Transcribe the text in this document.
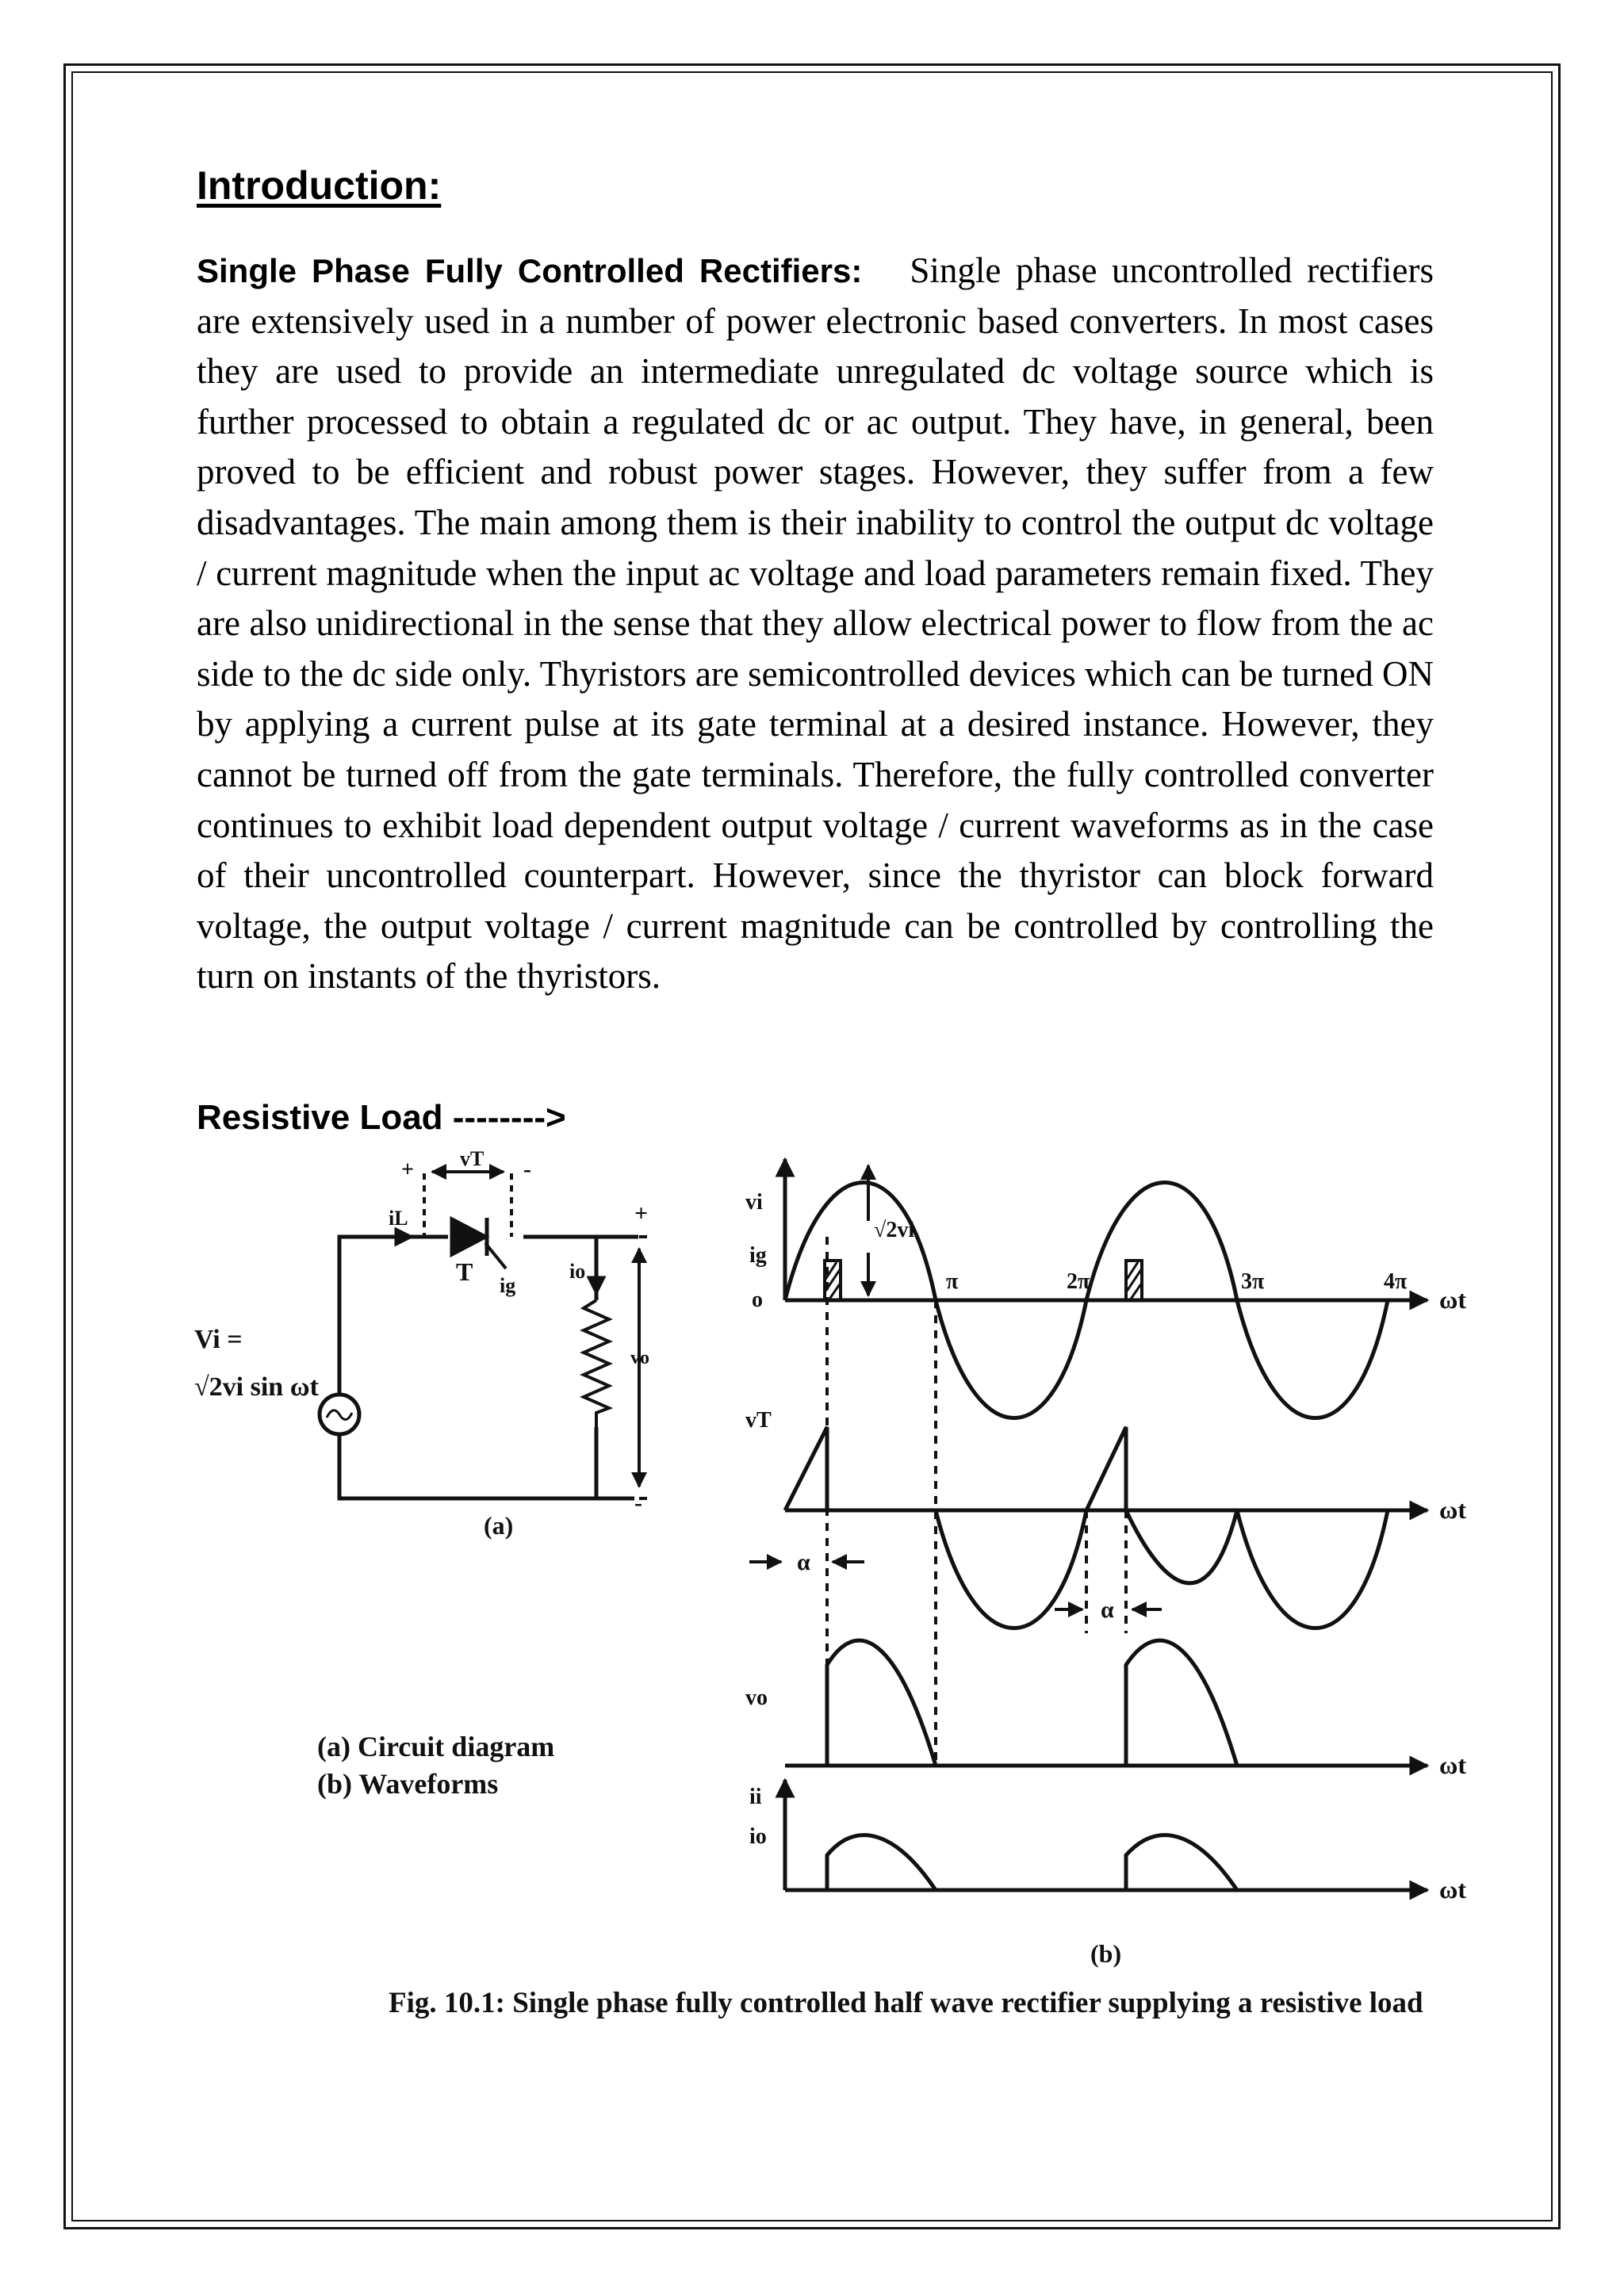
Introduction:

Single Phase Fully Controlled Rectifiers: Single phase uncontrolled rectifiers are extensively used in a number of power electronic based converters. In most cases they are used to provide an intermediate unregulated dc voltage source which is further processed to obtain a regulated dc or ac output. They have, in general, been proved to be efficient and robust power stages. However, they suffer from a few disadvantages. The main among them is their inability to control the output dc voltage / current magnitude when the input ac voltage and load parameters remain fixed. They are also unidirectional in the sense that they allow electrical power to flow from the ac side to the dc side only. Thyristors are semicontrolled devices which can be turned ON by applying a current pulse at its gate terminal at a desired instance. However, they cannot be turned off from the gate terminals. Therefore, the fully controlled converter continues to exhibit load dependent output voltage / current waveforms as in the case of their uncontrolled counterpart. However, since the thyristor can block forward voltage, the output voltage / current magnitude can be controlled by controlling the turn on instants of the thyristors.

Resistive Load -------->

Vi =
√2vi sin ωt
T
vT
iL
ig
io
vo
+	-
+
-
(a)
(a) Circuit diagram
(b) Waveforms
vi
ig
o
√2vi
π	2π	3π	4π
ωt
vT
ωt
α
α
vo
ωt
ii
io
ωt
(b)

Fig. 10.1: Single phase fully controlled half wave rectifier supplying a resistive load
